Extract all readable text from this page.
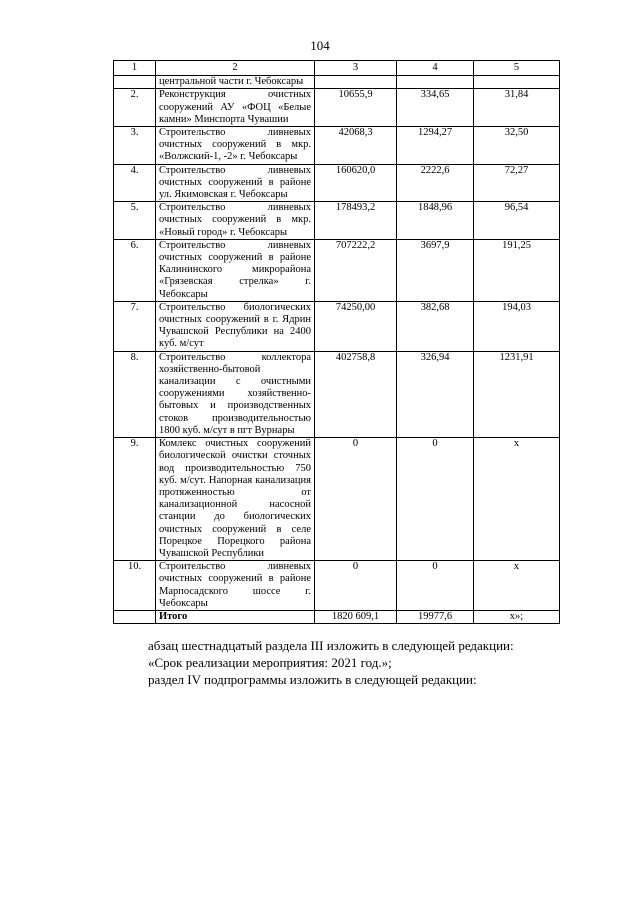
104
1	2	3	4	5
	центральной части г. Чебоксары			
2.	Реконструкция очистных сооружений АУ «ФОЦ «Белые камни» Минспорта Чувашии	10655,9	334,65	31,84
3.	Строительство ливневых очистных сооружений в мкр. «Волжский-1, -2» г. Чебоксары	42068,3	1294,27	32,50
4.	Строительство ливневых очистных сооружений в районе ул. Якимовская г. Чебоксары	160620,0	2222,6	72,27
5.	Строительство ливневых очистных сооружений в мкр. «Новый город» г. Чебоксары	178493,2	1848,96	96,54
6.	Строительство ливневых очистных сооружений в районе Калининского микрорайона «Грязевская стрелка» г. Чебоксары	707222,2	3697,9	191,25
7.	Строительство биологических очистных сооружений в г. Ядрин Чувашской Республики на 2400 куб. м/сут	74250,00	382,68	194,03
8.	Строительство коллектора хозяйственно-бытовой канализации с очистными сооружениями хозяйственно-бытовых и производственных стоков производительностью 1800 куб. м/сут в пгт Вурнары	402758,8	326,94	1231,91
9.	Комлекс очистных сооружений биологической очистки сточных вод производительностью 750 куб. м/сут. Напорная канализация протяженностью от канализационной насосной станции до биологических очистных сооружений в селе Порецкое Порецкого района Чувашской Республики	0	0	x
10.	Строительство ливневых очистных сооружений в районе Марпосадского шоссе г. Чебоксары	0	0	x
	Итого	1820 609,1	19977,6	x»;

абзац шестнадцатый раздела III изложить в следующей редакции:

«Срок реализации мероприятия: 2021 год.»;

раздел IV подпрограммы изложить в следующей редакции:
